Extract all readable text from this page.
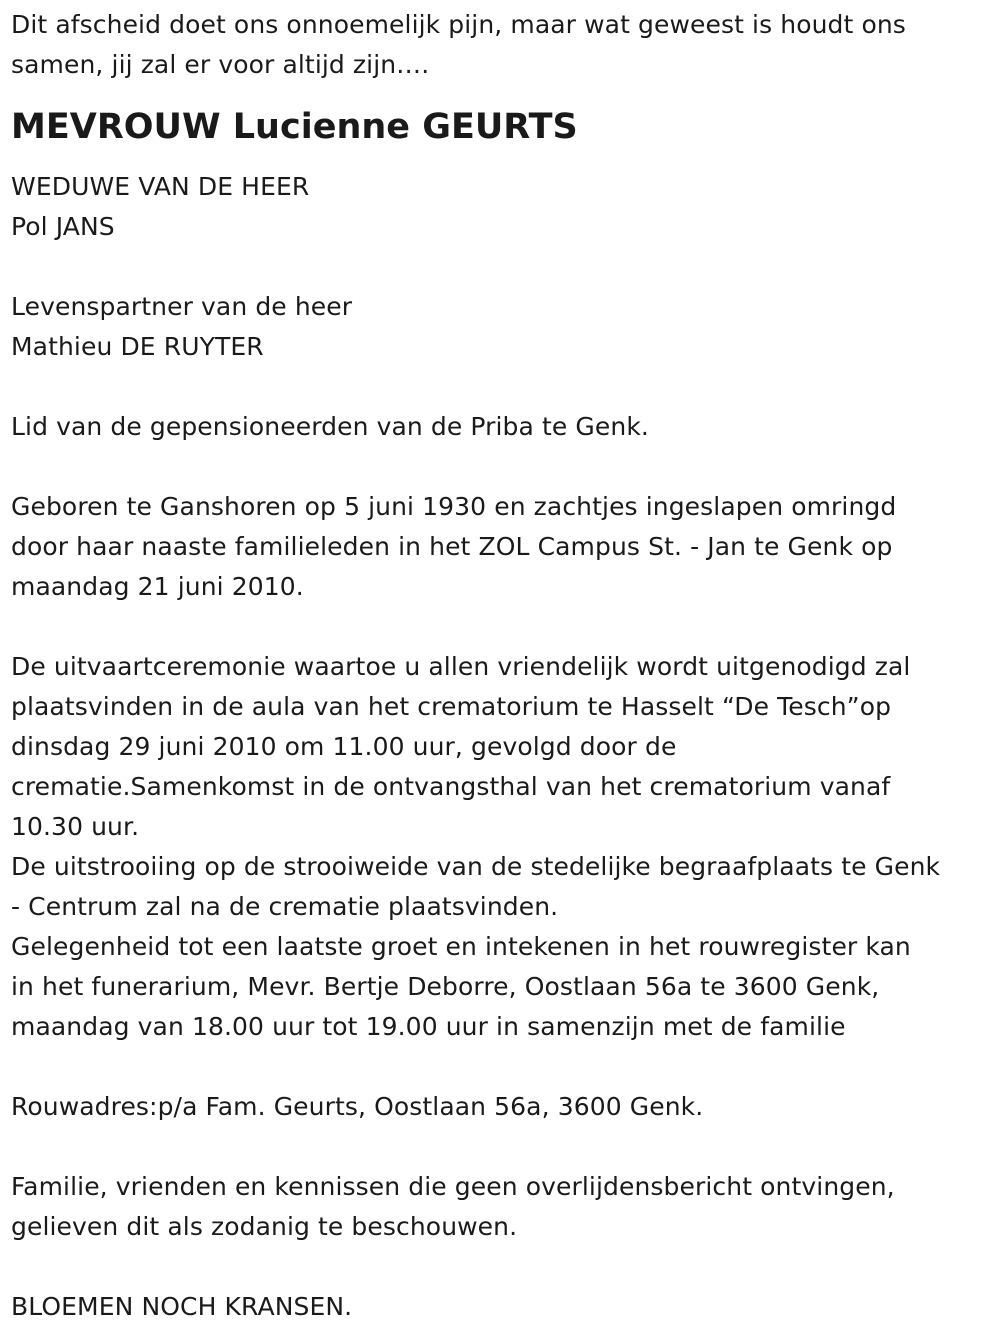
Dit afscheid doet ons onnoemelijk pijn, maar wat geweest is houdt ons
samen, jij zal er voor altijd zijn….
MEVROUW Lucienne GEURTS
WEDUWE VAN DE HEER
Pol JANS
Levenspartner van de heer
Mathieu DE RUYTER
Lid van de gepensioneerden van de Priba te Genk.
Geboren te Ganshoren op 5 juni 1930 en zachtjes ingeslapen omringd
door haar naaste familieleden in het ZOL Campus St. - Jan te Genk op
maandag 21 juni 2010.
De uitvaartceremonie waartoe u allen vriendelijk wordt uitgenodigd zal
plaatsvinden in de aula van het crematorium te Hasselt “De Tesch”op
dinsdag 29 juni 2010 om 11.00 uur, gevolgd door de
crematie.Samenkomst in de ontvangsthal van het crematorium vanaf
10.30 uur.
De uitstrooiing op de strooiweide van de stedelijke begraafplaats te Genk
- Centrum zal na de crematie plaatsvinden.
Gelegenheid tot een laatste groet en intekenen in het rouwregister kan
in het funerarium, Mevr. Bertje Deborre, Oostlaan 56a te 3600 Genk,
maandag van 18.00 uur tot 19.00 uur in samenzijn met de familie
Rouwadres:p/a Fam. Geurts, Oostlaan 56a, 3600 Genk.
Familie, vrienden en kennissen die geen overlijdensbericht ontvingen,
gelieven dit als zodanig te beschouwen.
BLOEMEN NOCH KRANSEN.
